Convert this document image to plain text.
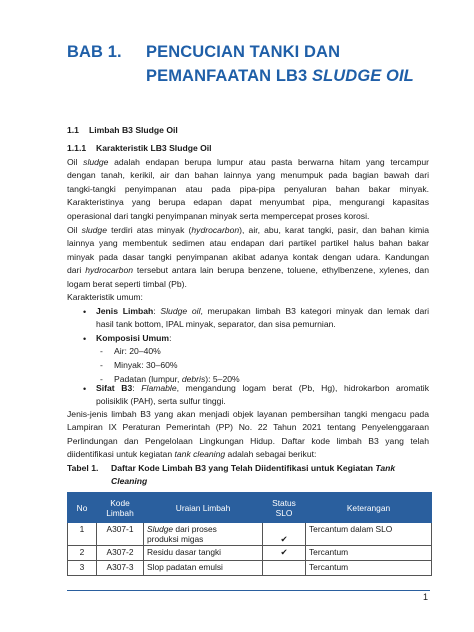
BAB 1. PENCUCIAN TANKI DAN
PEMANFAATAN LB3 SLUDGE OIL
1.1 Limbah B3 Sludge Oil
1.1.1 Karakteristik LB3 Sludge Oil
Oil sludge adalah endapan berupa lumpur atau pasta berwarna hitam yang tercampur
dengan tanah, kerikil, air dan bahan lainnya yang menumpuk pada bagian bawah dari
tangki-tangki penyimpanan atau pada pipa-pipa penyaluran bahan bakar minyak.
Karakteristinya yang berupa edapan dapat menyumbat pipa, mengurangi kapasitas
operasional dari tangki penyimpanan minyak serta mempercepat proses korosi.
Oil sludge terdiri atas minyak (hydrocarbon), air, abu, karat tangki, pasir, dan bahan kimia
lainnya yang membentuk sedimen atau endapan dari partikel partikel halus bahan bakar
minyak pada dasar tangki penyimpanan akibat adanya kontak dengan udara. Kandungan
dari hydrocarbon tersebut antara lain berupa benzene, toluene, ethylbenzene, xylenes, dan
logam berat seperti timbal (Pb).
Karakteristik umum:
• Jenis Limbah: Sludge oil, merupakan limbah B3 kategori minyak dan lemak dari
hasil tank bottom, IPAL minyak, separator, dan sisa pemurnian.
• Komposisi Umum:
- Air: 20–40%
- Minyak: 30–60%
- Padatan (lumpur, debris): 5–20%
• Sifat B3: Flamable, mengandung logam berat (Pb, Hg), hidrokarbon aromatik
polisiklik (PAH), serta sulfur tinggi.
Jenis-jenis limbah B3 yang akan menjadi objek layanan pembersihan tangki mengacu pada
Lampiran IX Peraturan Pemerintah (PP) No. 22 Tahun 2021 tentang Penyelenggaraan
Perlindungan dan Pengelolaan Lingkungan Hidup. Daftar kode limbah B3 yang telah
diidentifikasi untuk kegiatan tank cleaning adalah sebagai berikut:
Tabel 1. Daftar Kode Limbah B3 yang Telah Diidentifikasi untuk Kegiatan Tank
Cleaning
No	Kode Limbah	Uraian Limbah	Status SLO	Keterangan
1	A307-1	Sludge dari proses
produksi migas	✔	Tercantum dalam SLO
2	A307-2	Residu dasar tangki	✔	Tercantum
3	A307-3	Slop padatan emulsi		Tercantum
1
